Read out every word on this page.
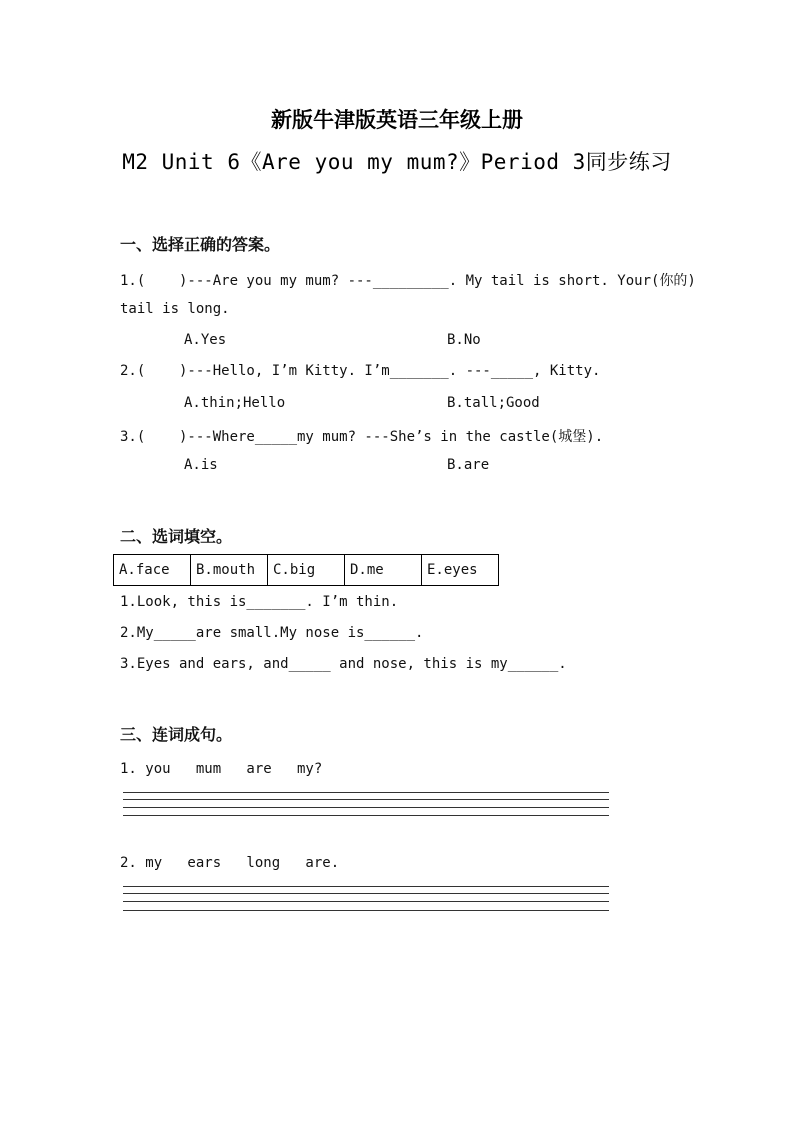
新版牛津版英语三年级上册
M2 Unit 6《Are you my mum?》Period 3同步练习
一、选择正确的答案。
1.(    )---Are you my mum? ---_________. My tail is short. Your(你的)
tail is long.
A.Yes	B.No
2.(    )---Hello, I’m Kitty. I’m_______. ---_____, Kitty.
A.thin;Hello	B.tall;Good
3.(    )---Where_____my mum? ---She’s in the castle(城堡).
A.is	B.are
二、选词填空。
A.face	B.mouth	C.big	D.me	E.eyes
1.Look, this is_______. I’m thin.
2.My_____are small.My nose is______.
3.Eyes and ears, and_____ and nose, this is my______.
三、连词成句。
1. you   mum   are   my?
2. my   ears   long   are.
